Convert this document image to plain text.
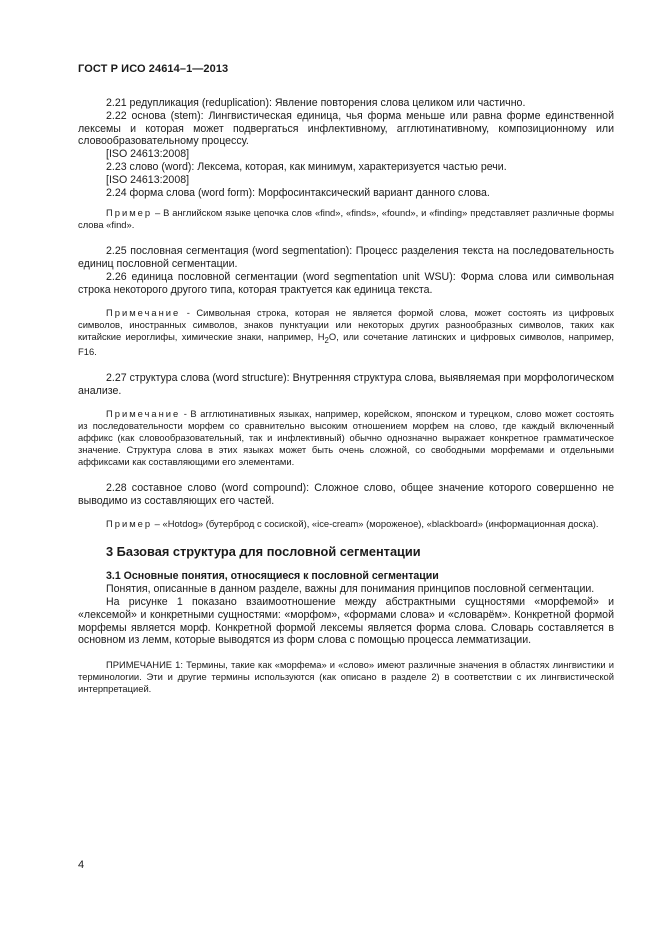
ГОСТ Р ИСО 24614–1—2013

2.21 редупликация (reduplication): Явление повторения слова целиком или частично.

2.22 основа (stem): Лингвистическая единица, чья форма меньше или равна форме единственной лексемы и которая может подвергаться инфлективному, агглютинативному, композиционному или словообразовательному процессу.

[ISO 24613:2008]

2.23 слово (word): Лексема, которая, как минимум, характеризуется частью речи.

[ISO 24613:2008]

2.24 форма слова (word form): Морфосинтаксический вариант данного слова.

Пример – В английском языке цепочка слов «find», «finds», «found», и «finding» представляет различные формы слова «find».

2.25 пословная сегментация (word segmentation): Процесс разделения текста на последовательность единиц пословной сегментации.

2.26 единица пословной сегментации (word segmentation unit WSU): Форма слова или символьная строка некоторого другого типа, которая трактуется как единица текста.

Примечание - Символьная строка, которая не является формой слова, может состоять из цифровых символов, иностранных символов, знаков пунктуации или некоторых других разнообразных символов, таких как китайские иероглифы, химические знаки, например, $H_2O$, или сочетание латинских и цифровых символов, например, F16.

2.27 структура слова (word structure): Внутренняя структура слова, выявляемая при морфологическом анализе.

Примечание - В агглютинативных языках, например, корейском, японском и турецком, слово может состоять из последовательности морфем со сравнительно высоким отношением морфем на слово, где каждый включенный аффикс (как словообразовательный, так и инфлективный) обычно однозначно выражает конкретное грамматическое значение. Структура слова в этих языках может быть очень сложной, со свободными морфемами и отдельными аффиксами как составляющими его элементами.

2.28 составное слово (word compound): Сложное слово, общее значение которого совершенно не выводимо из составляющих его частей.

Пример – «Hotdog» (бутерброд с сосиской), «ice-cream» (мороженое), «blackboard» (информационная доска).

3 Базовая структура для пословной сегментации

3.1 Основные понятия, относящиеся к пословной сегментации

Понятия, описанные в данном разделе, важны для понимания принципов пословной сегментации.

На рисунке 1 показано взаимоотношение между абстрактными сущностями «морфемой» и «лексемой» и конкретными сущностями: «морфом», «формами слова» и «словарём». Конкретной формой морфемы является морф. Конкретной формой лексемы является форма слова. Словарь составляется в основном из лемм, которые выводятся из форм слова с помощью процесса лемматизации.

ПРИМЕЧАНИЕ 1: Термины, такие как «морфема» и «слово» имеют различные значения в областях лингвистики и терминологии. Эти и другие термины используются (как описано в разделе 2) в соответствии с их лингвистической интерпретацией.

4
